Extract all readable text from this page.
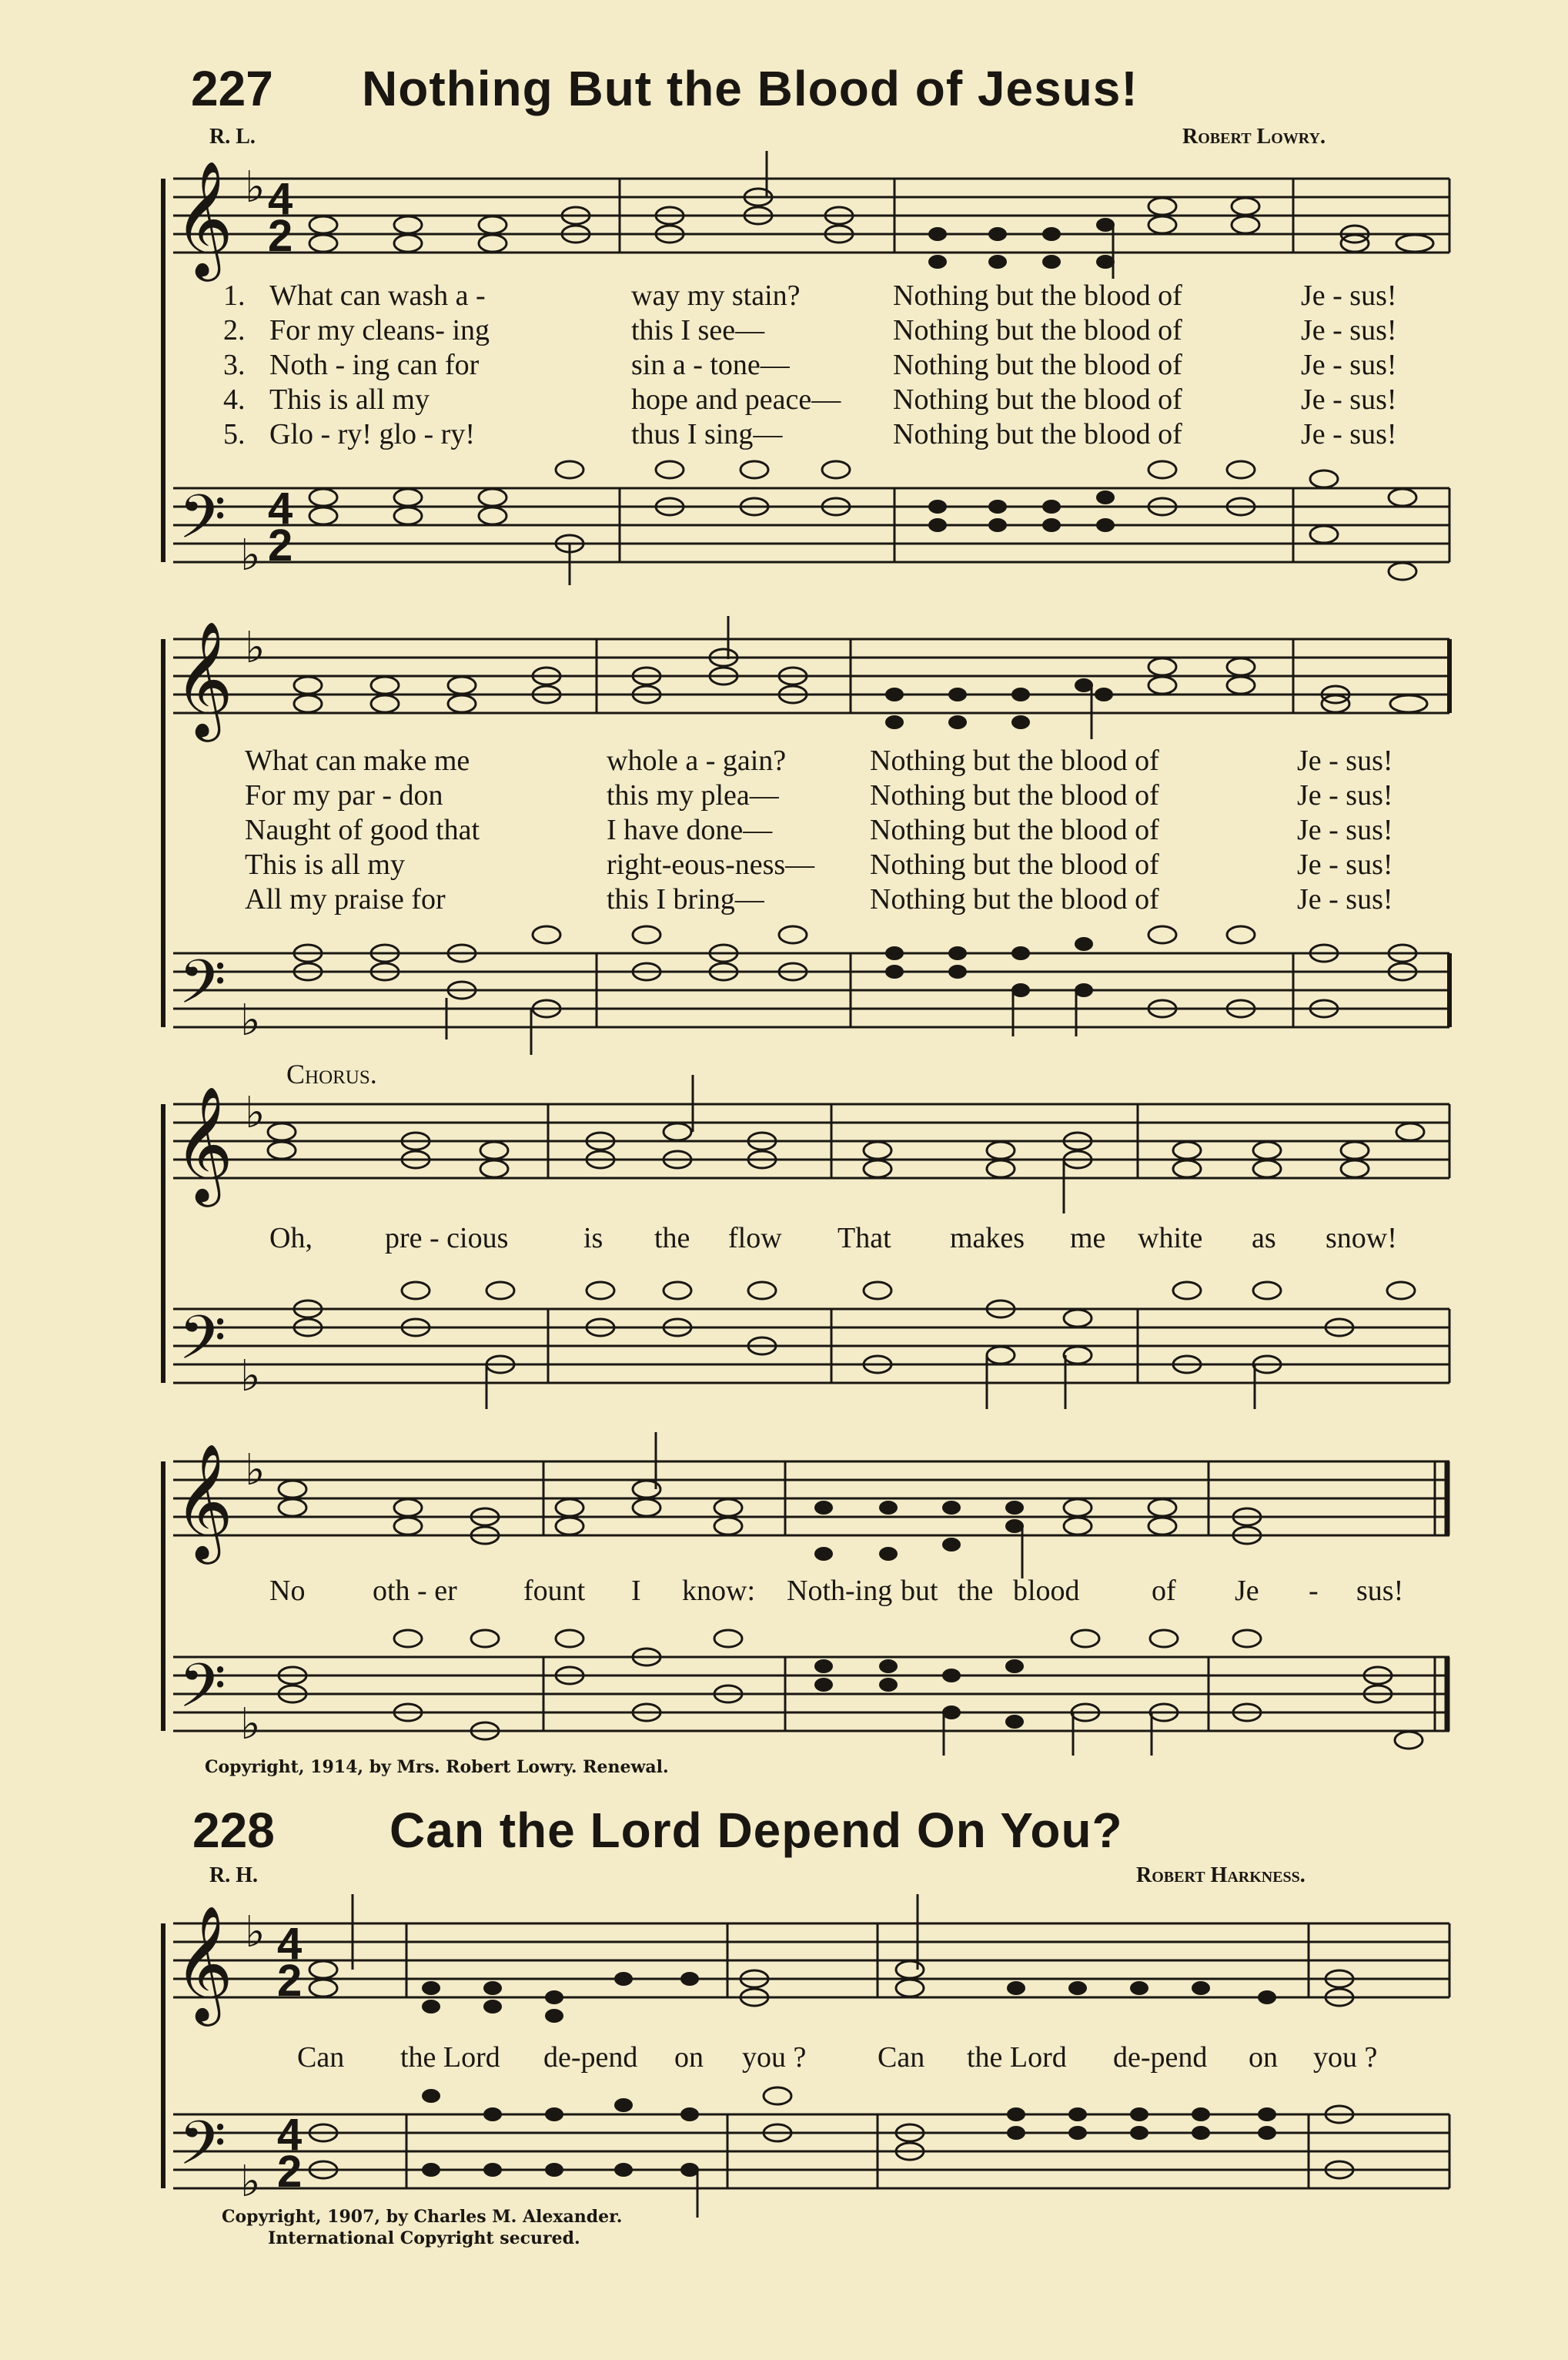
227 Nothing But the Blood of Jesus!
R. L.	Robert Lowry.
𝄞
𝄢
𝄞
𝄢
𝄞
𝄢
𝄞
𝄢
𝄞
𝄢
♭
♭
♭
♭
♭
♭
♭
♭
♭
♭
4
2
4
2
4
2
4
2
1.	What can wash a -	way my stain?	Nothing but the blood of	Je - sus!
2.	For my cleans- ing	this I see—	Nothing but the blood of	Je - sus!
3.	Noth - ing can for	sin a - tone—	Nothing but the blood of	Je - sus!
4.	This is all my	hope and peace—	Nothing but the blood of	Je - sus!
5.	Glo - ry! glo - ry!	thus I sing—	Nothing but the blood of	Je - sus!
What can make me	whole a - gain?	Nothing but the blood of	Je - sus!
For my par - don	this my plea—	Nothing but the blood of	Je - sus!
Naught of good that	I have done—	Nothing but the blood of	Je - sus!
This is all my	right-eous-ness—	Nothing but the blood of	Je - sus!
All my praise for	this I bring—	Nothing but the blood of	Je - sus!
Chorus.
Oh, pre - cious	is the flow That makes me white as snow!
No oth - er fount I know: Noth-ing but the blood of Je - sus!
Copyright, 1914, by Mrs. Robert Lowry. Renewal.
228 Can the Lord Depend On You?
R. H.	Robert Harkness.
Can the Lord de-pend on you ? Can the Lord de-pend on you ?
Copyright, 1907, by Charles M. Alexander.
International Copyright secured.
